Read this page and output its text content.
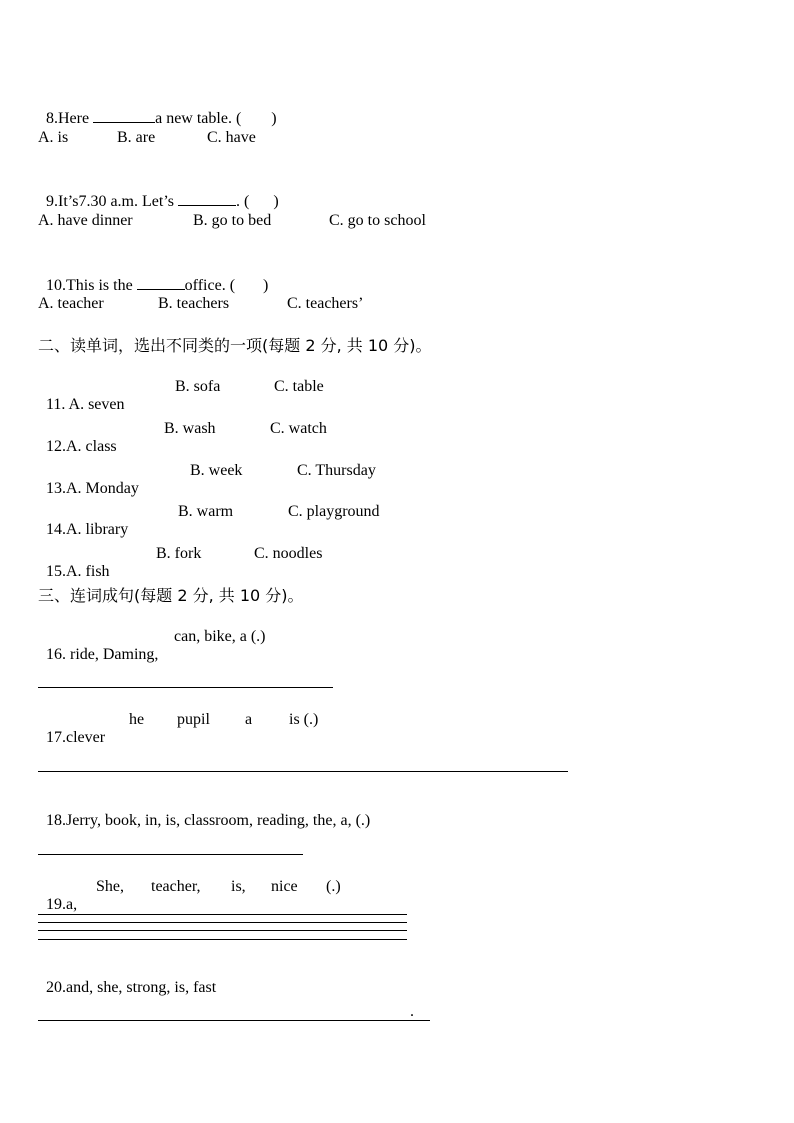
8.Here	a new table. ( )

A. is	B. are	C. have

9.It’s7.30 a.m. Let’s	. ( )

A. have dinner	B. go to bed	C. go to school

10.This is the	office. ( )

A. teacher	B. teachers	C. teachers’
二、读单词，选出不同类的一项(每题 2 分, 共 10 分)。

11. A. seven

B. sofa	C. table

12.A. class

B. wash	C. watch

13.A. Monday

B. week	C. Thursday

14.A. library

B. warm	C. playground

15.A. fish

B. fork	C. noodles
三、连词成句(每题 2 分, 共 10 分)。

16. ride, Daming,

can, bike, a (.)

17.clever

he pupil a is (.)

18.Jerry, book, in, is, classroom, reading, the, a, (.)

19.a,

She, teacher, is, nice (.)

20.and, she, strong, is, fast

.
